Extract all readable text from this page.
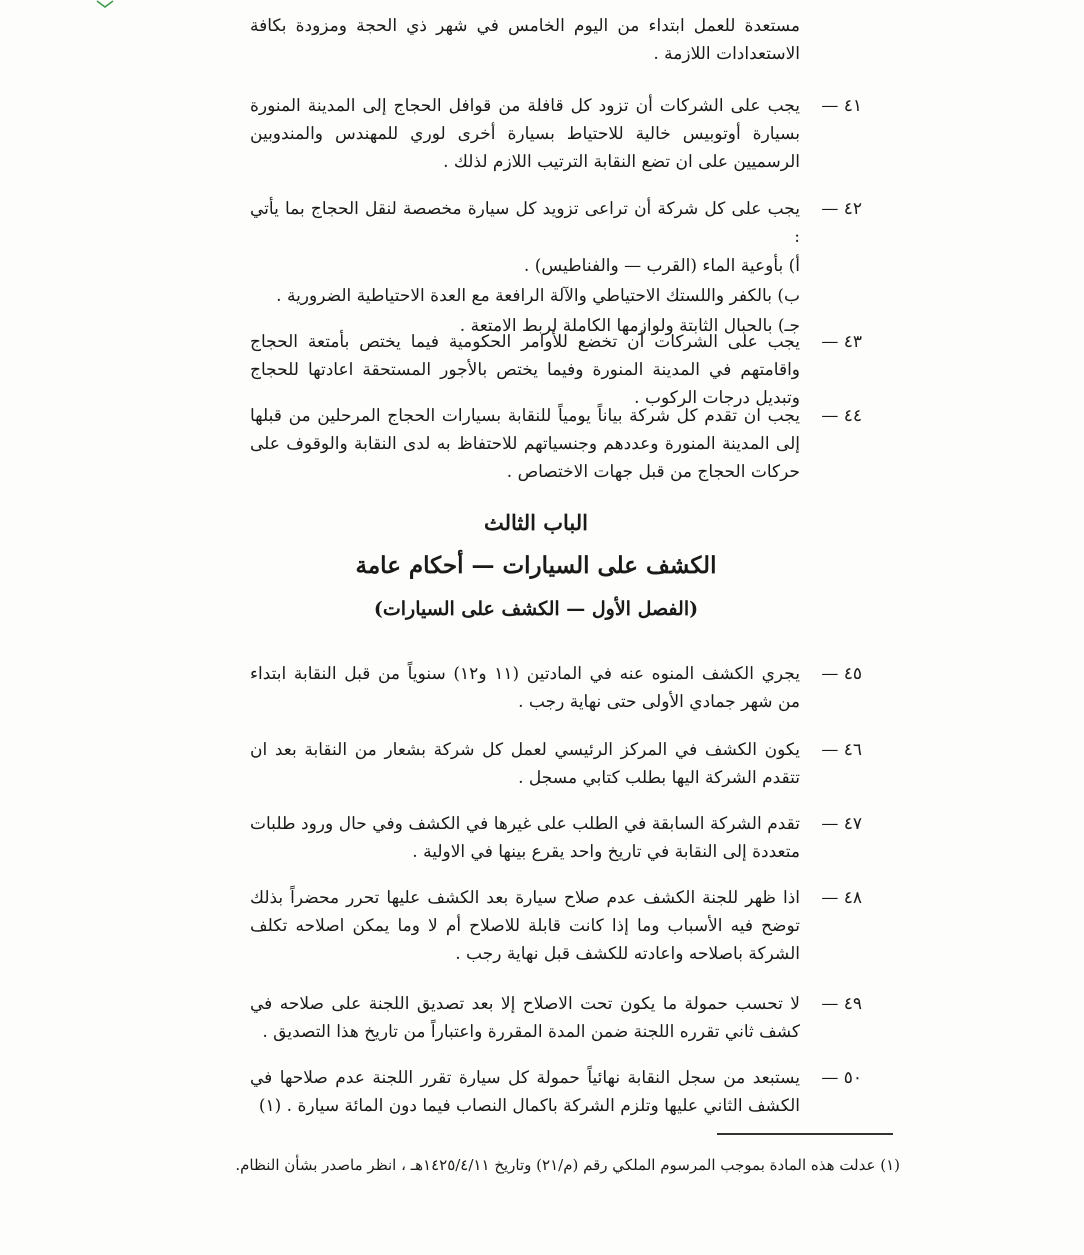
مستعدة للعمل ابتداء من اليوم الخامس في شهر ذي الحجة ومزودة بكافة الاستعدادات اللازمة .
٤١ —
يجب على الشركات أن تزود كل قافلة من قوافل الحجاج إلى المدينة المنورة بسيارة أوتوبيس خالية للاحتياط بسيارة أخرى لوري للمهندس والمندوبين الرسميين على ان تضع النقابة الترتيب اللازم لذلك .
٤٢ —
يجب على كل شركة أن تراعى تزويد كل سيارة مخصصة لنقل الحجاج بما يأتي :
أ) بأوعية الماء (القرب — والفناطيس) .
ب) بالكفر واللستك الاحتياطي والآلة الرافعة مع العدة الاحتياطية الضرورية .
جـ) بالحبال الثابتة ولوازمها الكاملة لربط الامتعة .
٤٣ —
يجب على الشركات أن تخضع للأوامر الحكومية فيما يختص بأمتعة الحجاج واقامتهم في المدينة المنورة وفيما يختص بالأجور المستحقة اعادتها للحجاج وتبديل درجات الركوب .
٤٤ —
يجب ان تقدم كل شركة بياناً يومياً للنقابة بسيارات الحجاج المرحلين من قبلها إلى المدينة المنورة وعددهم وجنسياتهم للاحتفاظ به لدى النقابة والوقوف على حركات الحجاج من قبل جهات الاختصاص .
الباب الثالث
الكشف على السيارات — أحكام عامة
(الفصل الأول — الكشف على السيارات)
٤٥ —
يجري الكشف المنوه عنه في المادتين (١١ و١٢) سنوياً من قبل النقابة ابتداء من شهر جمادي الأولى حتى نهاية رجب .
٤٦ —
يكون الكشف في المركز الرئيسي لعمل كل شركة بشعار من النقابة بعد ان تتقدم الشركة اليها بطلب كتابي مسجل .
٤٧ —
تقدم الشركة السابقة في الطلب على غيرها في الكشف وفي حال ورود طلبات متعددة إلى النقابة في تاريخ واحد يقرع بينها في الاولية .
٤٨ —
اذا ظهر للجنة الكشف عدم صلاح سيارة بعد الكشف عليها تحرر محضراً بذلك توضح فيه الأسباب وما إذا كانت قابلة للاصلاح أم لا وما يمكن اصلاحه تكلف الشركة باصلاحه واعادته للكشف قبل نهاية رجب .
٤٩ —
لا تحسب حمولة ما يكون تحت الاصلاح إلا بعد تصديق اللجنة على صلاحه في كشف ثاني تقرره اللجنة ضمن المدة المقررة واعتباراً من تاريخ هذا التصديق .
٥٠ —
يستبعد من سجل النقابة نهائياً حمولة كل سيارة تقرر اللجنة عدم صلاحها في الكشف الثاني عليها وتلزم الشركة باكمال النصاب فيما دون المائة سيارة . (١)
(١) عدلت هذه المادة بموجب المرسوم الملكي رقم (م/٢١) وتاريخ ١٤٢٥/٤/١١هـ ، انظر ماصدر بشأن النظام.
